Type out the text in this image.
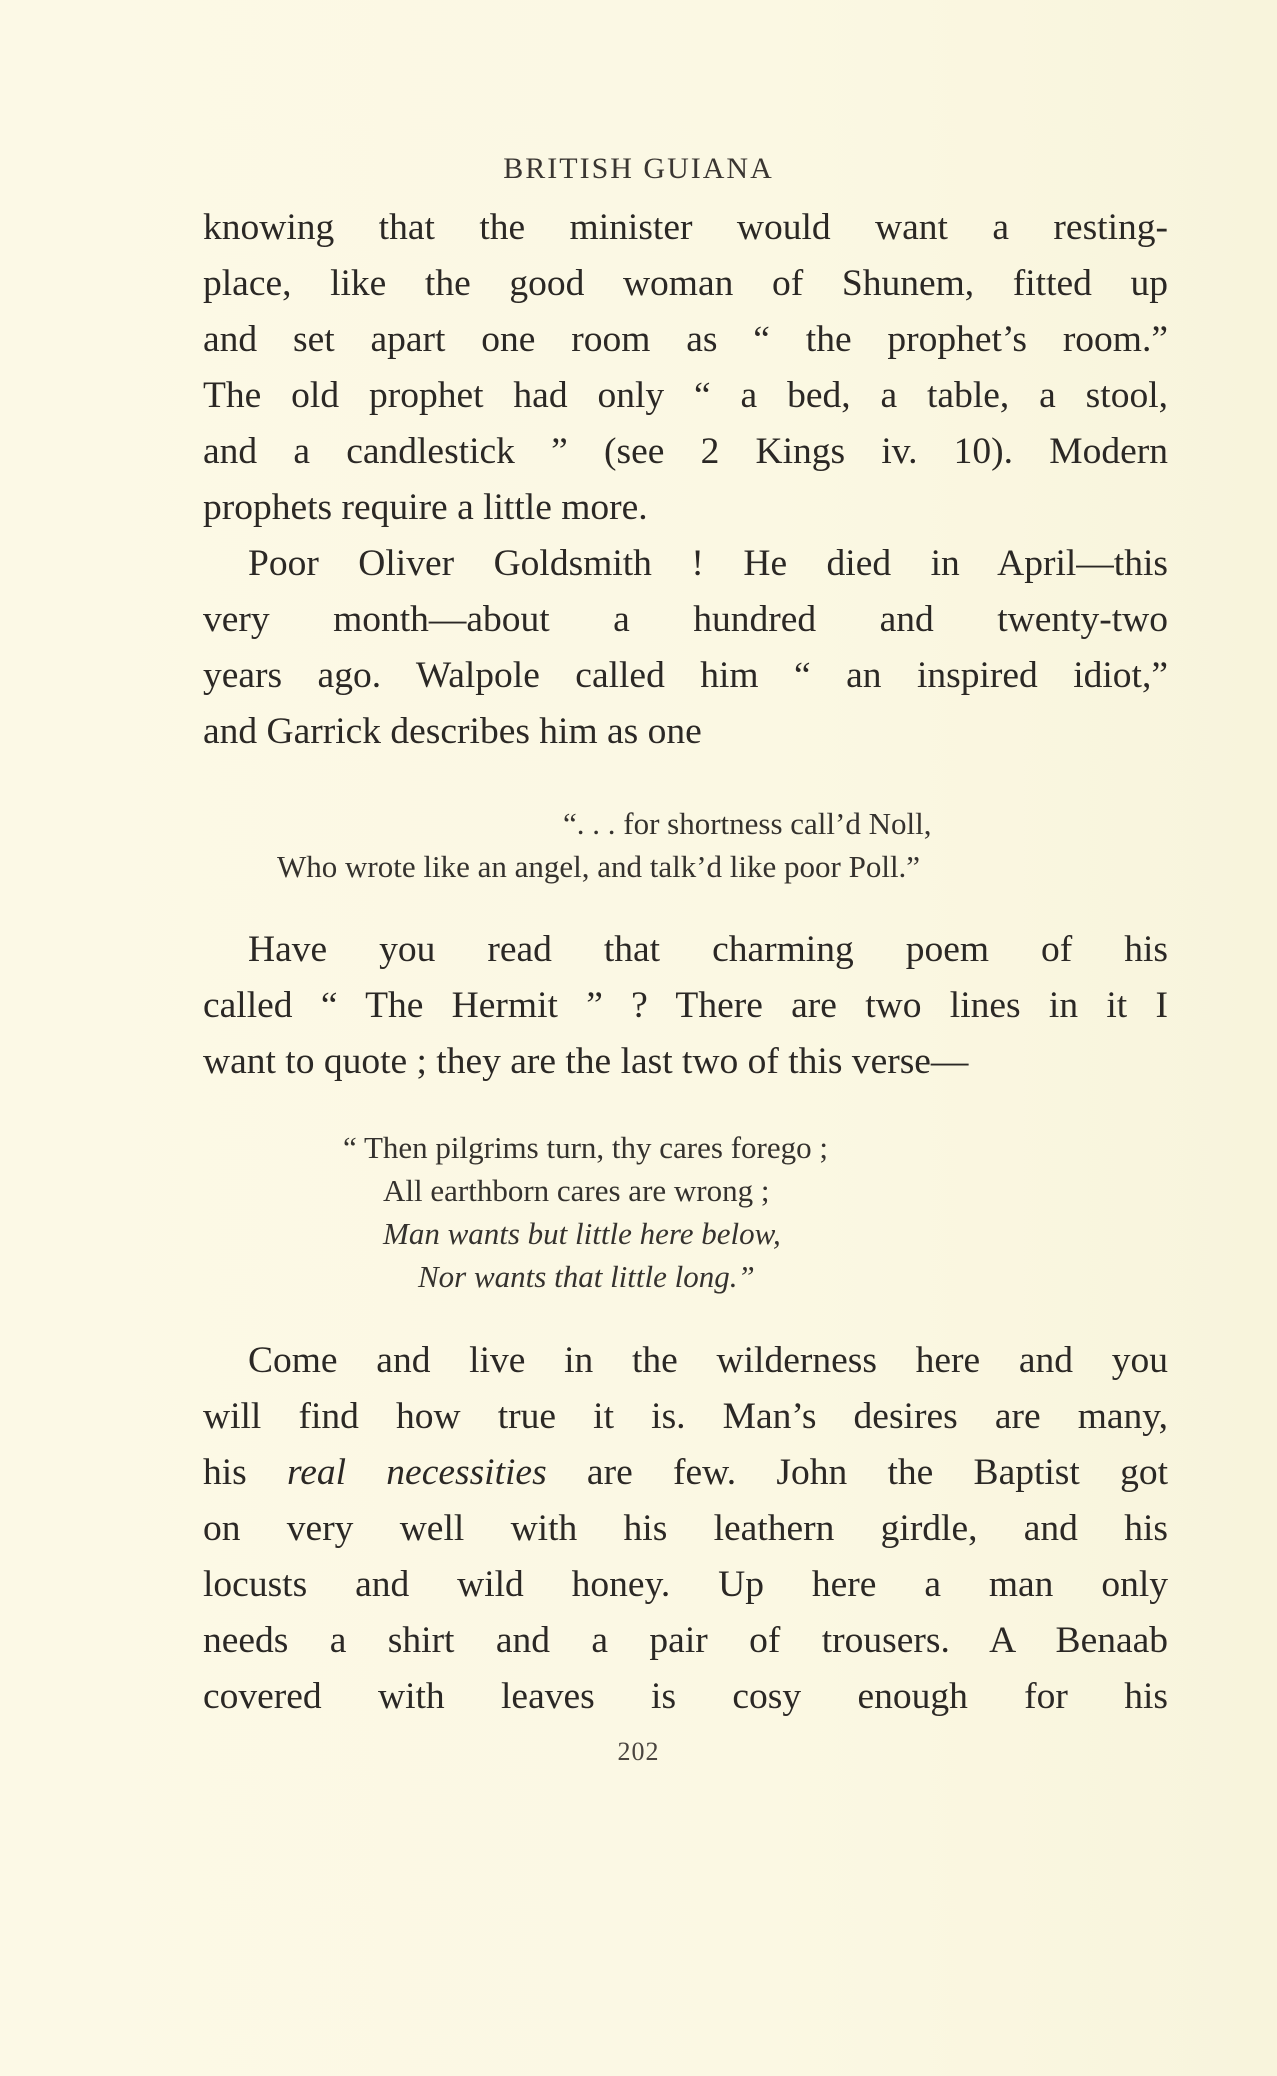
BRITISH GUIANA
knowing that the minister would want a resting-
place, like the good woman of Shunem, fitted up
and set apart one room as “ the prophet’s room.”
The old prophet had only “ a bed, a table, a stool,
and a candlestick ” (see 2 Kings iv. 10). Modern
prophets require a little more.
Poor Oliver Goldsmith ! He died in April—this
very month—about a hundred and twenty-two
years ago. Walpole called him “ an inspired idiot,”
and Garrick describes him as one
“. . . for shortness call’d Noll,
Who wrote like an angel, and talk’d like poor Poll.”
Have you read that charming poem of his
called “ The Hermit ” ? There are two lines in it I
want to quote ; they are the last two of this verse—
“ Then pilgrims turn, thy cares forego ;
All earthborn cares are wrong ;
Man wants but little here below,
Nor wants that little long.”
Come and live in the wilderness here and you
will find how true it is. Man’s desires are many,
his real necessities are few. John the Baptist got
on very well with his leathern girdle, and his
locusts and wild honey. Up here a man only
needs a shirt and a pair of trousers. A Benaab
covered with leaves is cosy enough for his
202
